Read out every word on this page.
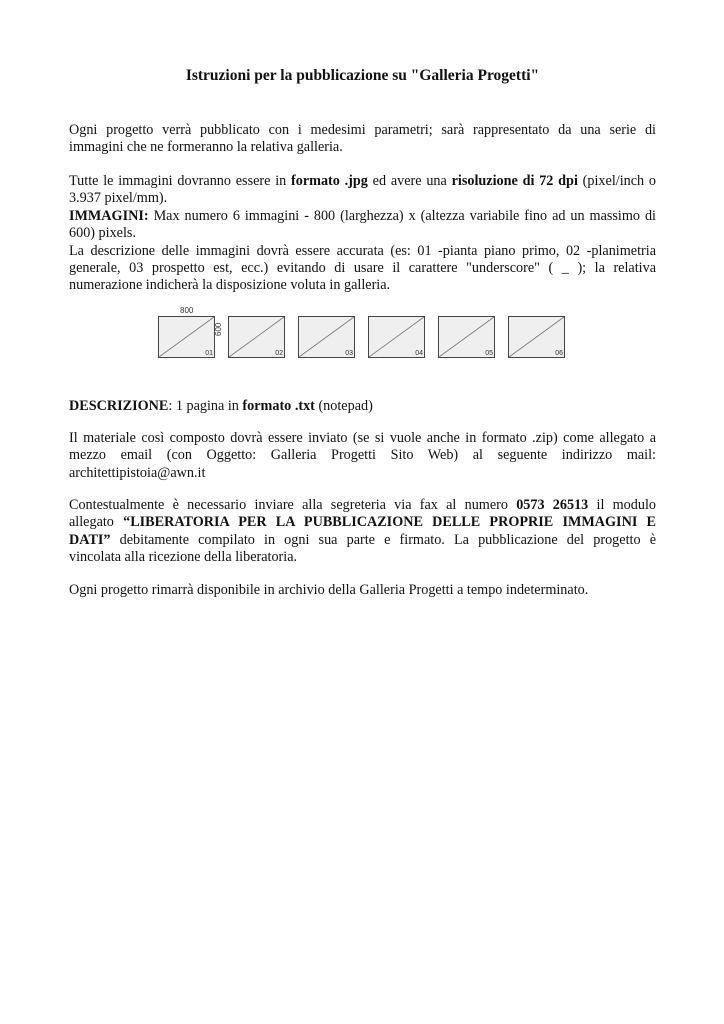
Istruzioni per la pubblicazione su "Galleria Progetti"

Ogni progetto verrà pubblicato con i medesimi parametri; sarà rappresentato da una serie di
immagini che ne formeranno la relativa galleria.

Tutte le immagini dovranno essere in formato .jpg ed avere una risoluzione di 72 dpi (pixel/inch o
3.937 pixel/mm).
IMMAGINI: Max numero 6 immagini - 800 (larghezza) x (altezza variabile fino ad un massimo di
600) pixels.
La descrizione delle immagini dovrà essere accurata (es: 01 -pianta piano primo, 02 -planimetria
generale, 03 prospetto est, ecc.) evitando di usare il carattere "underscore" ( _ ); la relativa
numerazione indicherà la disposizione voluta in galleria.

800
600
01	02	03	04	05	06

DESCRIZIONE: 1 pagina in formato .txt (notepad)

Il materiale così composto dovrà essere inviato (se si vuole anche in formato .zip) come allegato a
mezzo email (con Oggetto: Galleria Progetti Sito Web) al seguente indirizzo mail:
architettipistoia@awn.it

Contestualmente è necessario inviare alla segreteria via fax al numero 0573 26513 il modulo
allegato “LIBERATORIA PER LA PUBBLICAZIONE DELLE PROPRIE IMMAGINI E
DATI” debitamente compilato in ogni sua parte e firmato. La pubblicazione del progetto è
vincolata alla ricezione della liberatoria.

Ogni progetto rimarrà disponibile in archivio della Galleria Progetti a tempo indeterminato.
